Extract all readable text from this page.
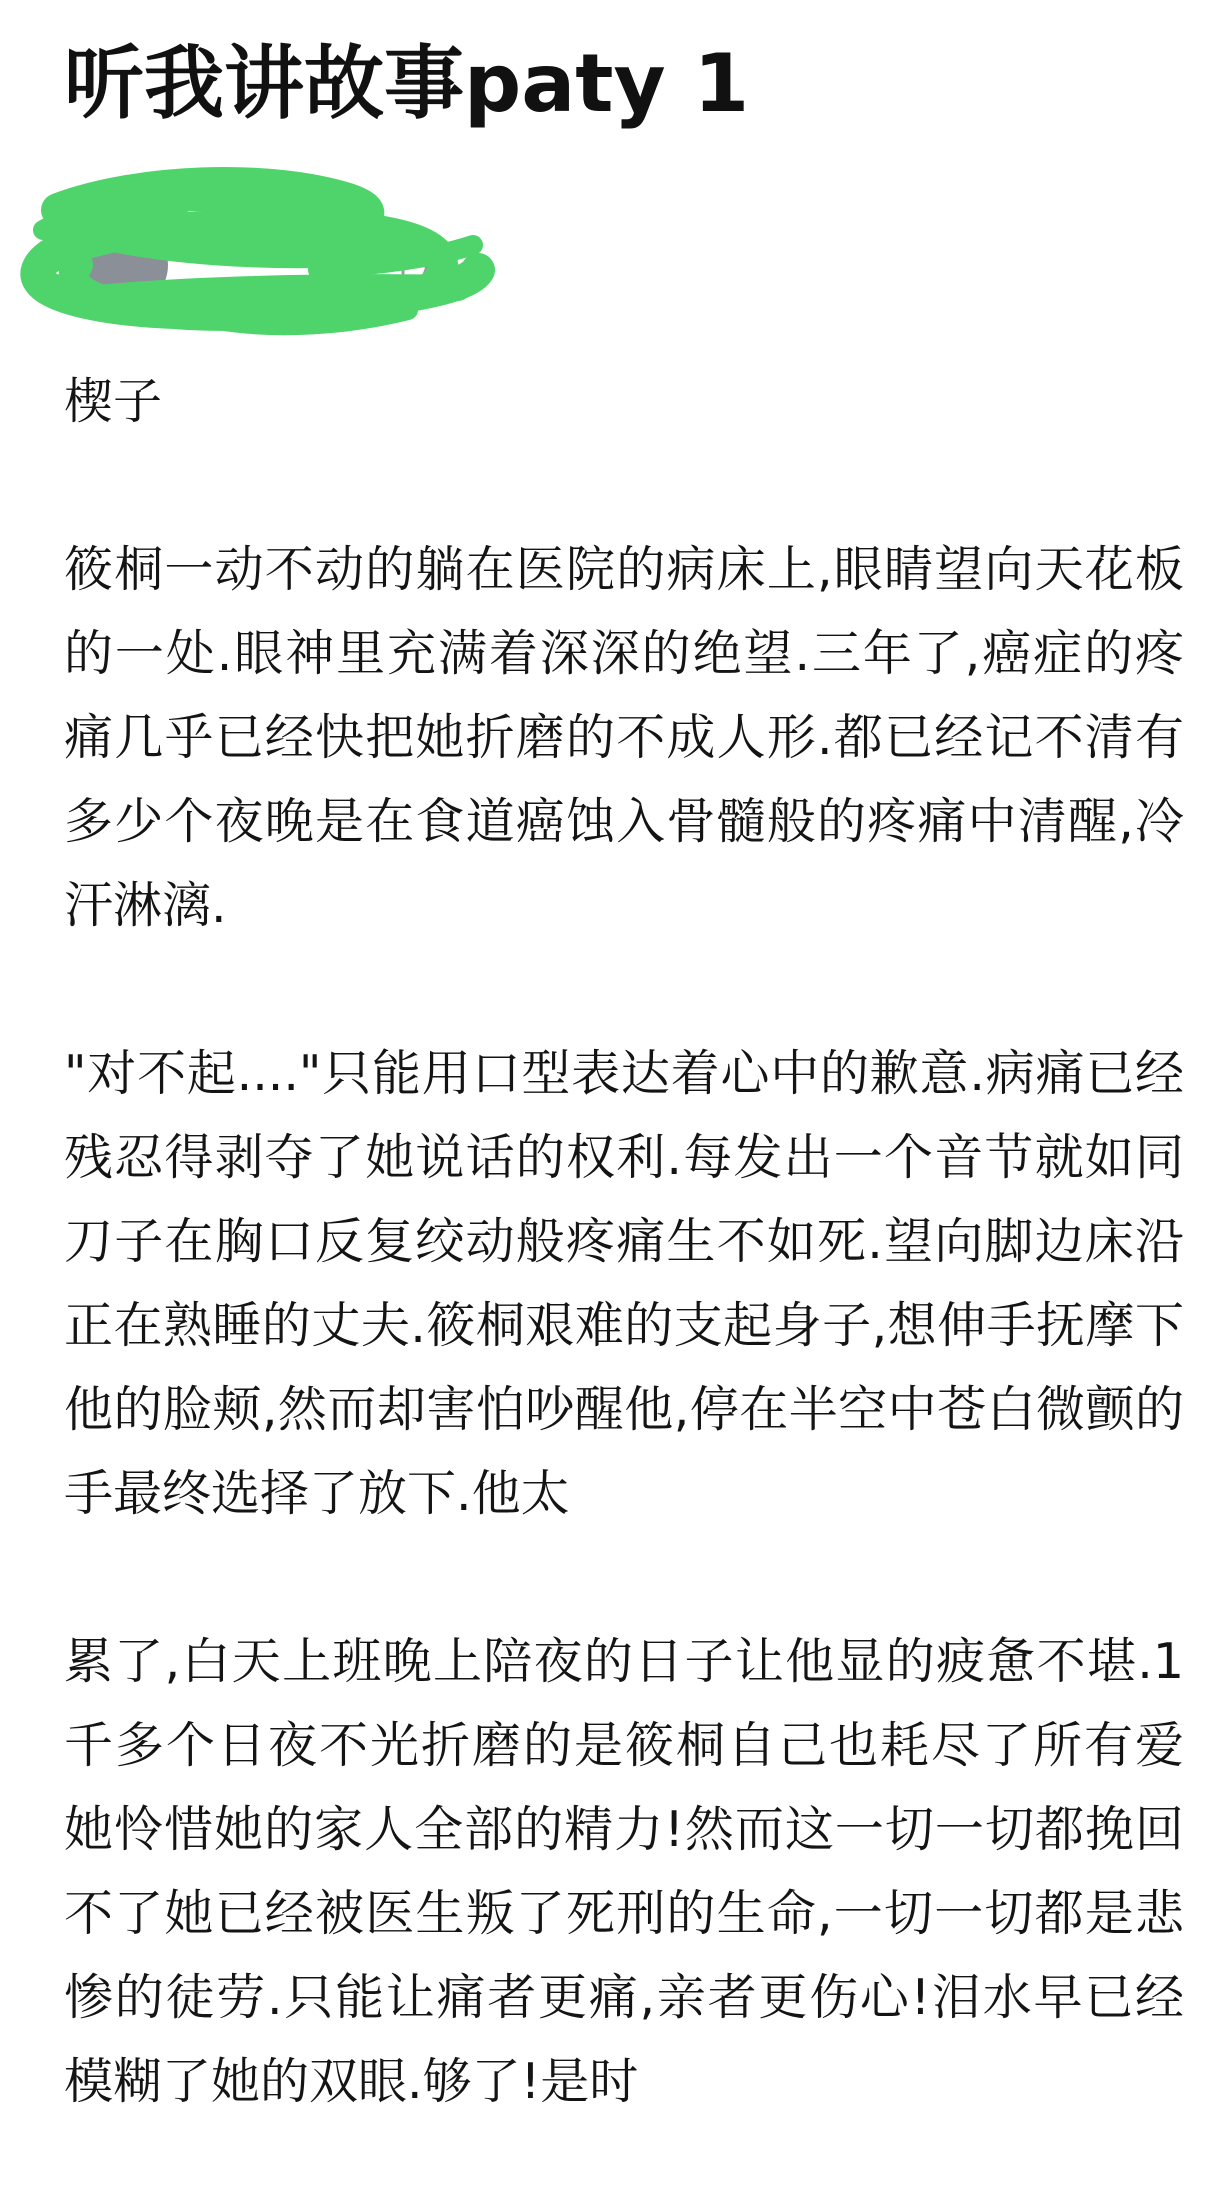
听我讲故事paty 1
17

楔子

筱桐一动不动的躺在医院的病床上,眼睛望向天花板的一处.眼神里充满着深深的绝望.三年了,癌症的疼痛几乎已经快把她折磨的不成人形.都已经记不清有多少个夜晚是在食道癌蚀入骨髓般的疼痛中清醒,冷汗淋漓.

"对不起...."只能用口型表达着心中的歉意.病痛已经残忍得剥夺了她说话的权利.每发出一个音节就如同刀子在胸口反复绞动般疼痛生不如死.望向脚边床沿正在熟睡的丈夫.筱桐艰难的支起身子,想伸手抚摩下他的脸颊,然而却害怕吵醒他,停在半空中苍白微颤的手最终选择了放下.他太

累了,白天上班晚上陪夜的日子让他显的疲惫不堪.1千多个日夜不光折磨的是筱桐自己也耗尽了所有爱她怜惜她的家人全部的精力!然而这一切一切都挽回不了她已经被医生叛了死刑的生命,一切一切都是悲惨的徒劳.只能让痛者更痛,亲者更伤心!泪水早已经模糊了她的双眼.够了!是时
